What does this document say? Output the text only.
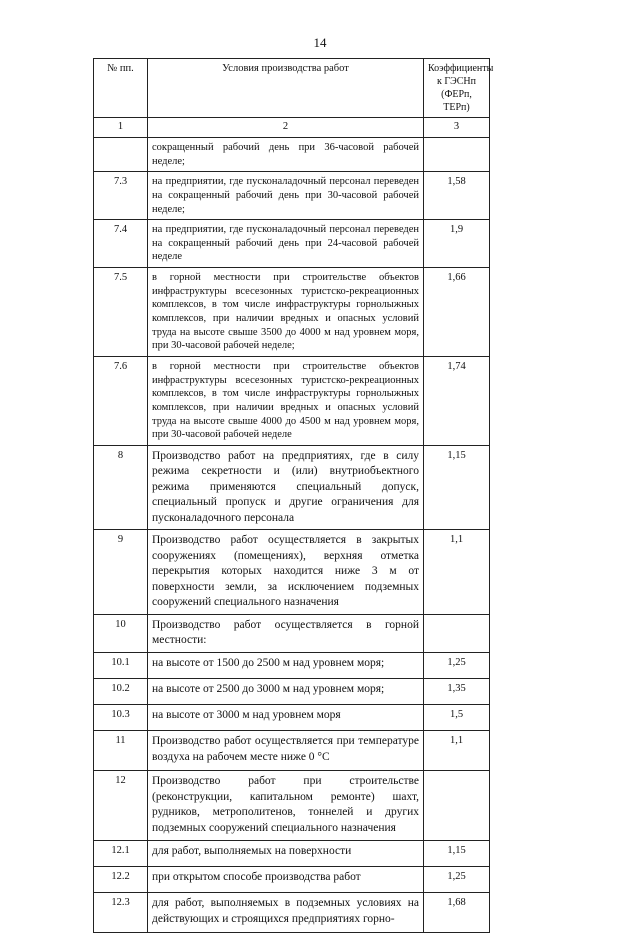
14
№ пп.	Условия производства работ	Коэффициенты к ГЭСНп (ФЕРп, ТЕРп)
1	2	3
	сокращенный рабочий день при 36-часовой рабочей неделе;	
7.3	на предприятии, где пусконаладочный персонал переведен на сокращенный рабочий день при 30-часовой рабочей неделе;	1,58
7.4	на предприятии, где пусконаладочный персонал переведен на сокращенный рабочий день при 24-часовой рабочей неделе	1,9
7.5	в горной местности при строительстве объектов инфраструктуры всесезонных туристско-рекреационных комплексов, в том числе инфраструктуры горнолыжных комплексов, при наличии вредных и опасных условий труда на высоте свыше 3500 до 4000 м над уровнем моря, при 30-часовой рабочей неделе;	1,66
7.6	в горной местности при строительстве объектов инфраструктуры всесезонных туристско-рекреационных комплексов, в том числе инфраструктуры горнолыжных комплексов, при наличии вредных и опасных условий труда на высоте свыше 4000 до 4500 м над уровнем моря, при 30-часовой рабочей неделе	1,74
8	Производство работ на предприятиях, где в силу режима секретности и (или) внутриобъектного режима применяются специальный допуск, специальный пропуск и другие ограничения для пусконаладочного персонала	1,15
9	Производство работ осуществляется в закрытых сооружениях (помещениях), верхняя отметка перекрытия которых находится ниже 3 м от поверхности земли, за исключением подземных сооружений специального назначения	1,1
10	Производство работ осуществляется в горной местности:	
10.1	на высоте от 1500 до 2500 м над уровнем моря;	1,25
10.2	на высоте от 2500 до 3000 м над уровнем моря;	1,35
10.3	на высоте от 3000 м над уровнем моря	1,5
11	Производство работ осуществляется при температуре воздуха на рабочем месте ниже 0 °С	1,1
12	Производство работ при строительстве (реконструкции, капитальном ремонте) шахт, рудников, метрополитенов, тоннелей и других подземных сооружений специального назначения	
12.1	для работ, выполняемых на поверхности	1,15
12.2	при открытом способе производства работ	1,25
12.3	для работ, выполняемых в подземных условиях на действующих и строящихся предприятиях горно-	1,68
